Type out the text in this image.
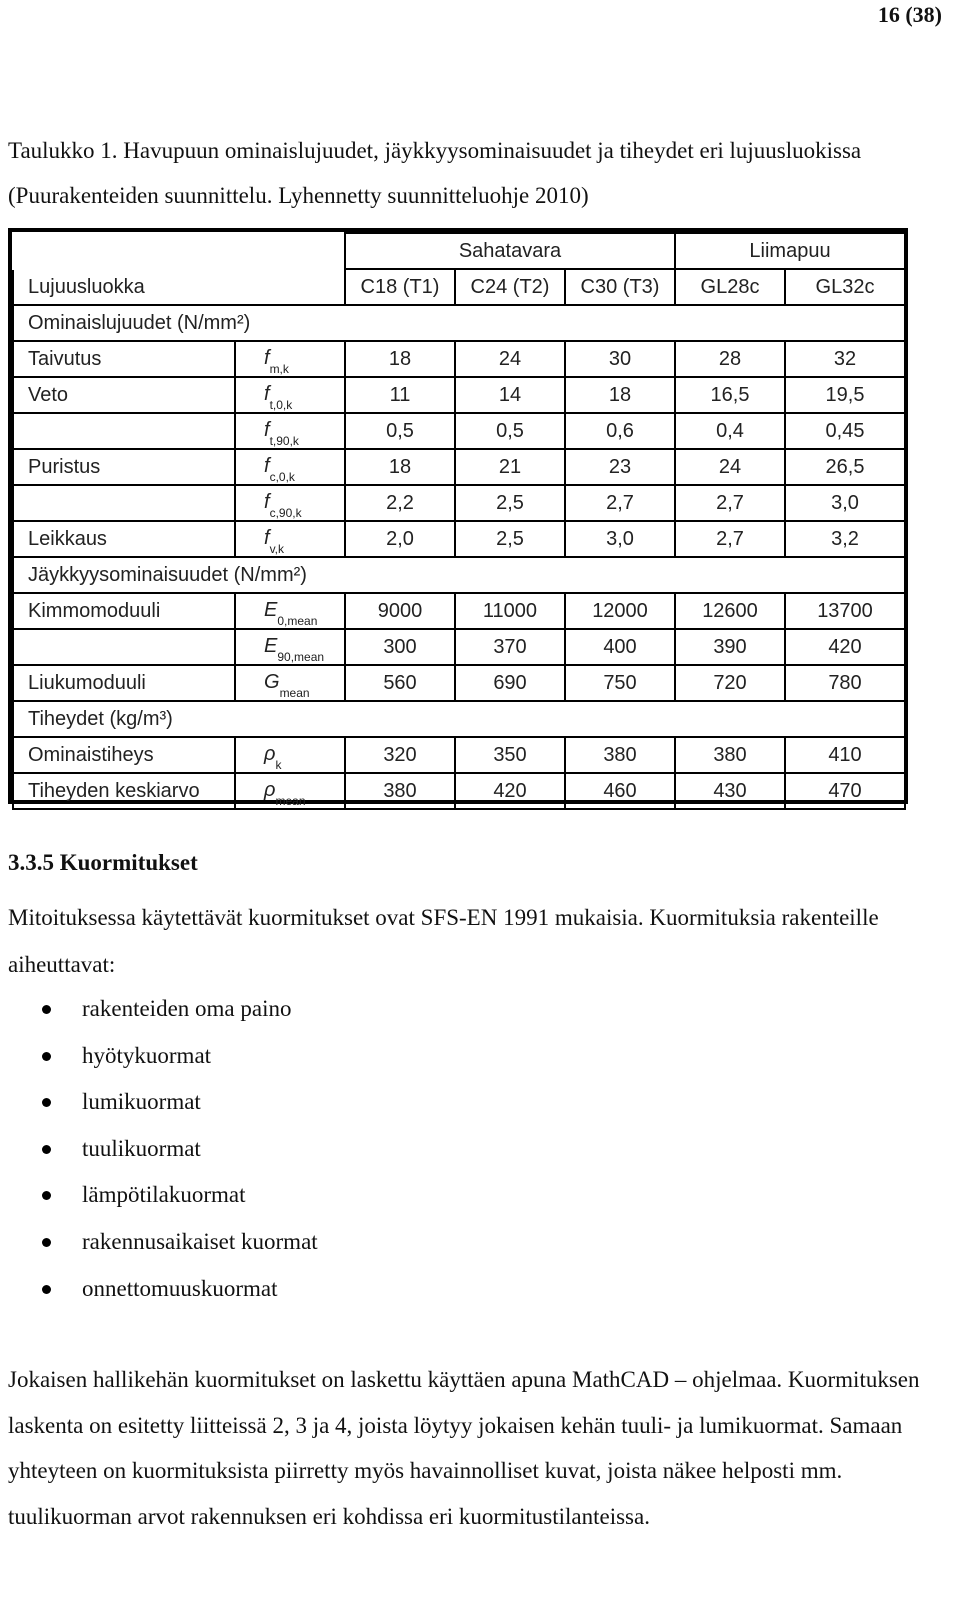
16 (38)
Taulukko 1. Havupuun ominaislujuudet, jäykkyysominaisuudet ja tiheydet eri lujuusluokissa (Puurakenteiden suunnittelu. Lyhennetty suunnitteluohje 2010)
		Sahatavara			Liimapuu	
Lujuusluokka		C18 (T1)	C24 (T2)	C30 (T3)	GL28c	GL32c
Ominaislujuudet (N/mm²)						
Taivutus	$f_{m,k}$	18	24	30	28	32
Veto	$f_{t,0,k}$	11	14	18	16,5	19,5
	$f_{t,90,k}$	0,5	0,5	0,6	0,4	0,45
Puristus	$f_{c,0,k}$	18	21	23	24	26,5
	$f_{c,90,k}$	2,2	2,5	2,7	2,7	3,0
Leikkaus	$f_{v,k}$	2,0	2,5	3,0	2,7	3,2
Jäykkyysominaisuudet (N/mm²)						
Kimmomoduuli	$E_{0,mean}$	9000	11000	12000	12600	13700
	$E_{90,mean}$	300	370	400	390	420
Liukumoduuli	$G_{mean}$	560	690	750	720	780
Tiheydet (kg/m³)						
Ominaistiheys	$\rho_k$	320	350	380	380	410
Tiheyden keskiarvo	$\rho_{mean}$	380	420	460	430	470
3.3.5 Kuormitukset
Mitoituksessa käytettävät kuormitukset ovat SFS-EN 1991 mukaisia. Kuormituksia rakenteille aiheuttavat:
rakenteiden oma paino
hyötykuormat
lumikuormat
tuulikuormat
lämpötilakuormat
rakennusaikaiset kuormat
onnettomuuskuormat
Jokaisen hallikehän kuormitukset on laskettu käyttäen apuna MathCAD – ohjelmaa. Kuormituksen laskenta on esitetty liitteissä 2, 3 ja 4, joista löytyy jokaisen kehän tuuli- ja lumikuormat. Samaan yhteyteen on kuormituksista piirretty myös havainnolliset kuvat, joista näkee helposti mm. tuulikuorman arvot rakennuksen eri kohdissa eri kuormitustilanteissa.
